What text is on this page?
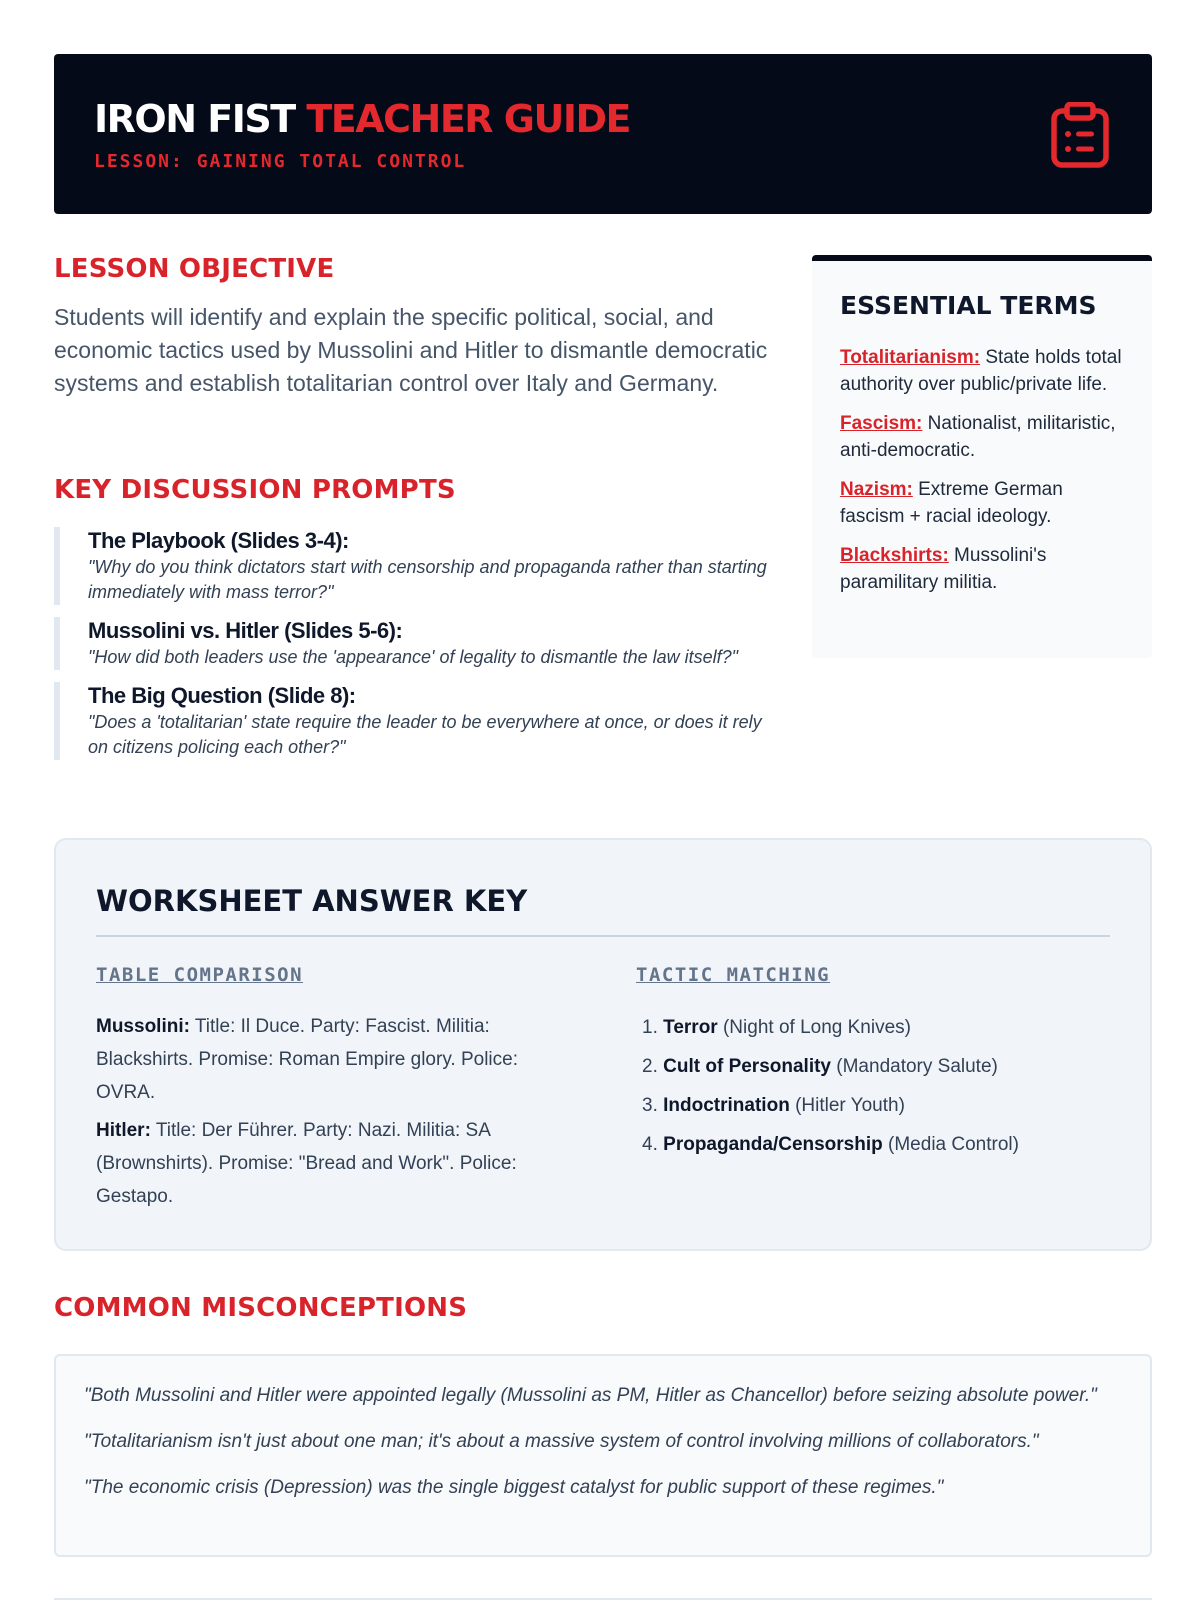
IRON FIST TEACHER GUIDE
LESSON: GAINING TOTAL CONTROL
LESSON OBJECTIVE
Students will identify and explain the specific political, social, and economic tactics used by Mussolini and Hitler to dismantle democratic systems and establish totalitarian control over Italy and Germany.
KEY DISCUSSION PROMPTS
The Playbook (Slides 3-4):
"Why do you think dictators start with censorship and propaganda rather than starting immediately with mass terror?"
Mussolini vs. Hitler (Slides 5-6):
"How did both leaders use the 'appearance' of legality to dismantle the law itself?"
The Big Question (Slide 8):
"Does a 'totalitarian' state require the leader to be everywhere at once, or does it rely on citizens policing each other?"
ESSENTIAL TERMS
Totalitarianism: State holds total authority over public/private life.
Fascism: Nationalist, militaristic, anti-democratic.
Nazism: Extreme German fascism + racial ideology.
Blackshirts: Mussolini's paramilitary militia.
WORKSHEET ANSWER KEY
TABLE COMPARISON

Mussolini: Title: Il Duce. Party: Fascist. Militia: Blackshirts. Promise: Roman Empire glory. Police: OVRA.

Hitler: Title: Der Führer. Party: Nazi. Militia: SA (Brownshirts). Promise: "Bread and Work". Police: Gestapo.

TACTIC MATCHING
1. Terror (Night of Long Knives)
2. Cult of Personality (Mandatory Salute)
3. Indoctrination (Hitler Youth)
4. Propaganda/Censorship (Media Control)
COMMON MISCONCEPTIONS

"Both Mussolini and Hitler were appointed legally (Mussolini as PM, Hitler as Chancellor) before seizing absolute power."

"Totalitarianism isn't just about one man; it's about a massive system of control involving millions of collaborators."

"The economic crisis (Depression) was the single biggest catalyst for public support of these regimes."
